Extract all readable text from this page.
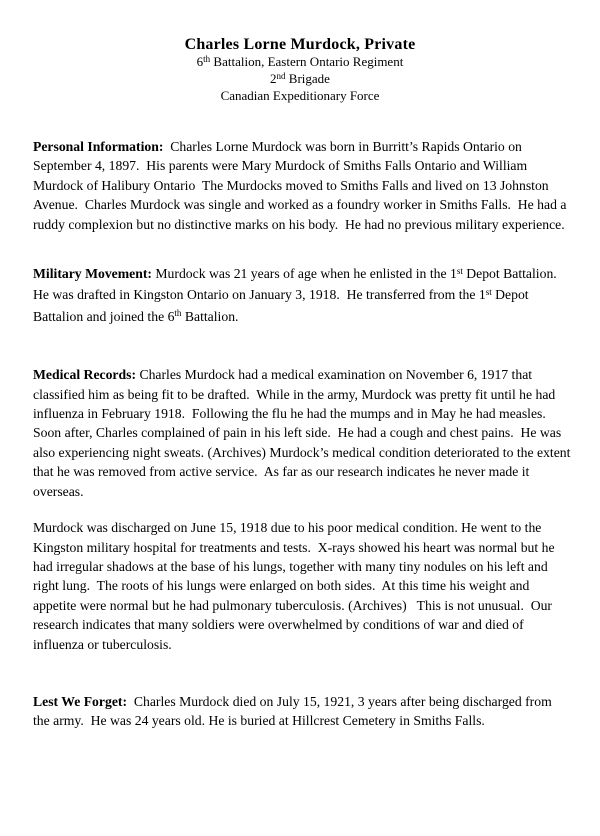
Charles Lorne Murdock, Private
6th Battalion, Eastern Ontario Regiment
2nd Brigade
Canadian Expeditionary Force

Personal Information:  Charles Lorne Murdock was born in Burritt’s Rapids Ontario on September 4, 1897.  His parents were Mary Murdock of Smiths Falls Ontario and William Murdock of Halibury Ontario  The Murdocks moved to Smiths Falls and lived on 13 Johnston Avenue.  Charles Murdock was single and worked as a foundry worker in Smiths Falls.  He had a ruddy complexion but no distinctive marks on his body.  He had no previous military experience.

Military Movement: Murdock was 21 years of age when he enlisted in the 1st Depot Battalion.  He was drafted in Kingston Ontario on January 3, 1918.  He transferred from the 1st Depot Battalion and joined the 6th Battalion.

Medical Records: Charles Murdock had a medical examination on November 6, 1917 that classified him as being fit to be drafted.  While in the army, Murdock was pretty fit until he had influenza in February 1918.  Following the flu he had the mumps and in May he had measles.  Soon after, Charles complained of pain in his left side.  He had a cough and chest pains.  He was also experiencing night sweats. (Archives) Murdock’s medical condition deteriorated to the extent that he was removed from active service.  As far as our research indicates he never made it overseas.

Murdock was discharged on June 15, 1918 due to his poor medical condition. He went to the Kingston military hospital for treatments and tests.  X-rays showed his heart was normal but he had irregular shadows at the base of his lungs, together with many tiny nodules on his left and right lung.  The roots of his lungs were enlarged on both sides.  At this time his weight and appetite were normal but he had pulmonary tuberculosis. (Archives)   This is not unusual.  Our research indicates that many soldiers were overwhelmed by conditions of war and died of influenza or tuberculosis.

Lest We Forget:  Charles Murdock died on July 15, 1921, 3 years after being discharged from the army.  He was 24 years old. He is buried at Hillcrest Cemetery in Smiths Falls.
